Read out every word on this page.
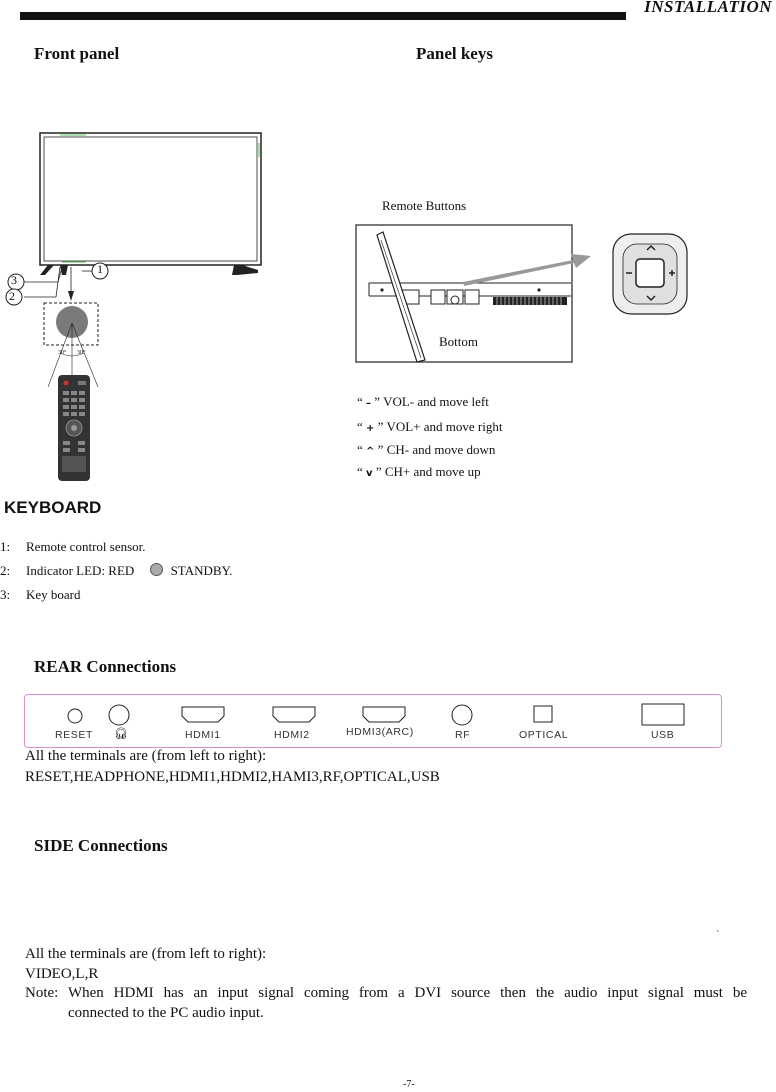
INSTALLATION
Front panel	Panel keys
3
1
2
30° 30°
Remote Buttons
Bottom
“ – ” VOL- and move left
“ + ” VOL+ and move right
“ ^ ” CH- and move down
“ v ” CH+ and move up
KEYBOARD
1: Remote control sensor.
2: Indicator LED: RED	STANDBY.
3: Key board
REAR Connections
RESET 🎧︎	HDMI1	HDMI2	HDMI3(ARC)	RF	OPTICAL	USB
All the terminals are (from left to right):
RESET,HEADPHONE,HDMI1,HDMI2,HAMI3,RF,OPTICAL,USB
SIDE Connections
`
All the terminals are (from left to right):
VIDEO,L,R
Note: When HDMI has an input signal coming from a DVI source then the audio input signal must be
connected to the PC audio input.
-7-
